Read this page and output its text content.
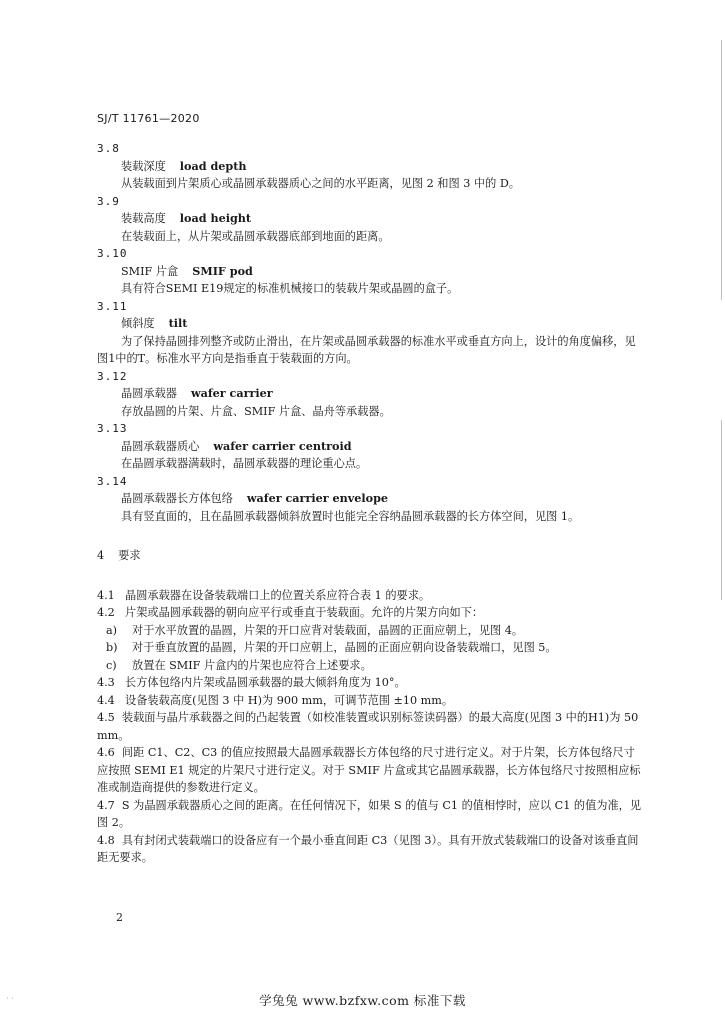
SJ/T 11761—2020
3.8
装载深度 load depth
从装载面到片架质心或晶圆承载器质心之间的水平距离，见图 2 和图 3 中的 D。
3.9
装载高度 load height
在装载面上，从片架或晶圆承载器底部到地面的距离。
3.10
SMIF 片盒 SMIF pod
具有符合SEMI E19规定的标准机械接口的装载片架或晶圆的盒子。
3.11
倾斜度 tilt
为了保持晶圆排列整齐或防止滑出，在片架或晶圆承载器的标准水平或垂直方向上，设计的角度偏移，见图1中的T。标准水平方向是指垂直于装载面的方向。
3.12
晶圆承载器 wafer carrier
存放晶圆的片架、片盒、SMIF 片盒、晶舟等承载器。
3.13
晶圆承载器质心 wafer carrier centroid
在晶圆承载器满载时，晶圆承载器的理论重心点。
3.14
晶圆承载器长方体包络 wafer carrier envelope
具有竖直面的，且在晶圆承载器倾斜放置时也能完全容纳晶圆承载器的长方体空间，见图 1。
4 要求
4.1 晶圆承载器在设备装载端口上的位置关系应符合表 1 的要求。
4.2 片架或晶圆承载器的朝向应平行或垂直于装载面。允许的片架方向如下：
a)	对于水平放置的晶圆，片架的开口应背对装载面，晶圆的正面应朝上，见图 4。
b)	对于垂直放置的晶圆，片架的开口应朝上，晶圆的正面应朝向设备装载端口，见图 5。
c)	放置在 SMIF 片盒内的片架也应符合上述要求。
4.3 长方体包络内片架或晶圆承载器的最大倾斜角度为 10°。
4.4 设备装载高度(见图 3 中 H)为 900 mm，可调节范围 ±10 mm。
4.5 装载面与晶片承载器之间的凸起装置（如校准装置或识别标签读码器）的最大高度(见图 3 中的H1)为 50 mm。
4.6 间距 C1、C2、C3 的值应按照最大晶圆承载器长方体包络的尺寸进行定义。对于片架，长方体包络尺寸应按照 SEMI E1 规定的片架尺寸进行定义。对于 SMIF 片盒或其它晶圆承载器，长方体包络尺寸按照相应标准或制造商提供的参数进行定义。
4.7 S 为晶圆承载器质心之间的距离。在任何情况下，如果 S 的值与 C1 的值相悖时，应以 C1 的值为准，见图 2。
4.8 具有封闭式装载端口的设备应有一个最小垂直间距 C3（见图 3）。具有开放式装载端口的设备对该垂直间距无要求。
2
· ·	学兔兔 www.bzfxw.com 标准下载
